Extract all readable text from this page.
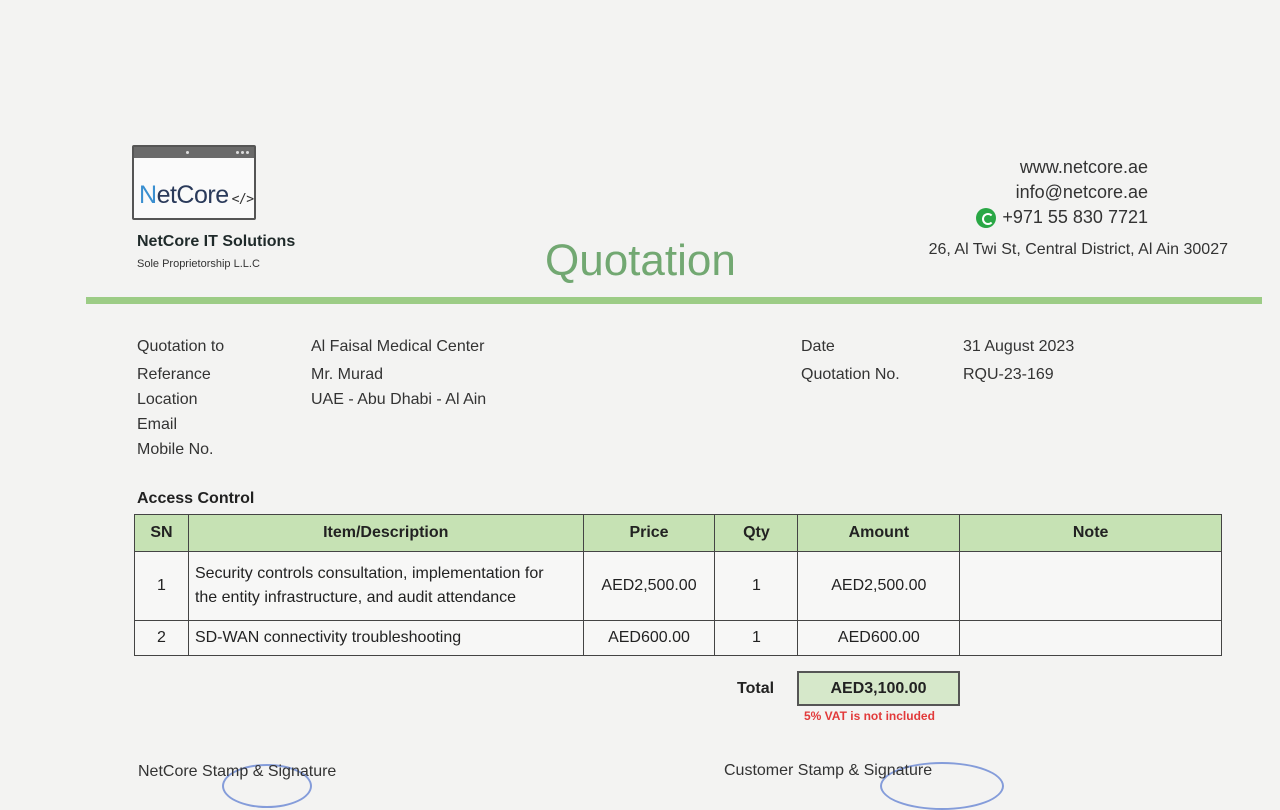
NetCore </>
NetCore IT Solutions
Sole Proprietorship L.L.C	Quotation
www.netcore.ae
info@netcore.ae
+971 55 830 7721
26, Al Twi St, Central District, Al Ain 30027
Quotation to	Al Faisal Medical Center
Referance	Mr. Murad
Location	UAE - Abu Dhabi - Al Ain
Email
Mobile No.
Date	31 August 2023
Quotation No.	RQU-23-169
Access Control
SN	Item/Description	Price	Qty	Amount	Note
1	Security controls consultation, implementation for
the entity infrastructure, and audit attendance	AED2,500.00	1	AED2,500.00	
2	SD-WAN connectivity troubleshooting	AED600.00	1	AED600.00	
Total	AED3,100.00
5% VAT is not included
NetCore Stamp & Signature	Customer Stamp & Signature
